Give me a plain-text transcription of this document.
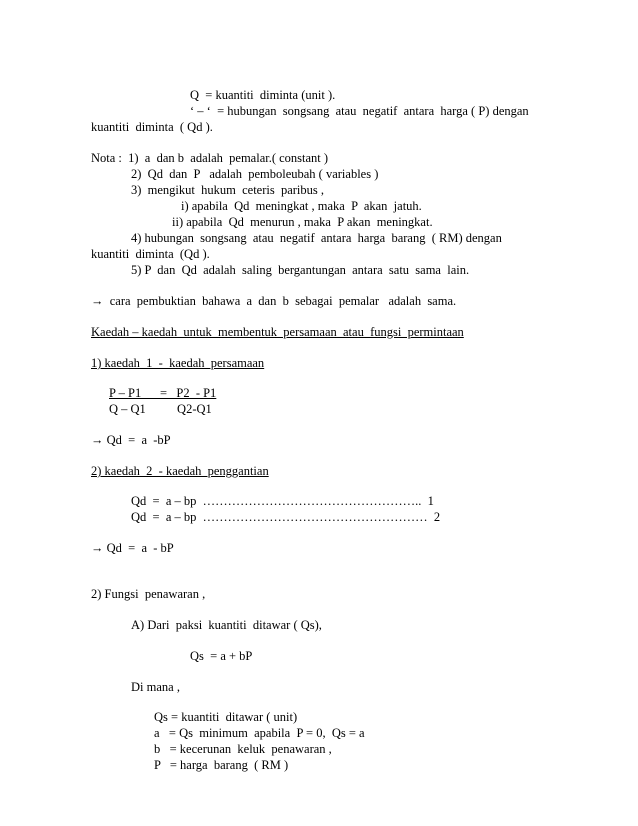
Q  = kuantiti  diminta (unit ).
‘ – ‘  = hubungan  songsang  atau  negatif  antara  harga ( P) dengan
kuantiti  diminta  ( Qd ).
Nota :  1)  a  dan b  adalah  pemalar.( constant )
2)  Qd  dan  P   adalah  pemboleubah ( variables )
3)  mengikut  hukum  ceteris  paribus ,
i) apabila  Qd  meningkat , maka  P  akan  jatuh.
ii) apabila  Qd  menurun , maka  P akan  meningkat.
4) hubungan  songsang  atau  negatif  antara  harga  barang  ( RM) dengan
kuantiti  diminta  (Qd ).
5) P  dan  Qd  adalah  saling  bergantungan  antara  satu  sama  lain.
→  cara  pembuktian  bahawa  a  dan  b  sebagai  pemalar   adalah  sama.
Kaedah – kaedah  untuk  membentuk  persamaan  atau  fungsi  permintaan
1) kaedah  1  -  kaedah  persamaan
P – P1      =   P2  - P1
Q – Q1          Q2-Q1
→ Qd  =  a  -bP
2) kaedah  2  - kaedah  penggantian
Qd  =  a – bp  ……………………………………………..  1
Qd  =  a – bp  ………………………………………………  2
→ Qd  =  a  - bP
2) Fungsi  penawaran ,
A) Dari  paksi  kuantiti  ditawar ( Qs),
Qs  = a + bP
Di mana ,
Qs = kuantiti  ditawar ( unit)
a   = Qs  minimum  apabila  P = 0,  Qs = a
b   = kecerunan  keluk  penawaran ,
P   = harga  barang  ( RM )
